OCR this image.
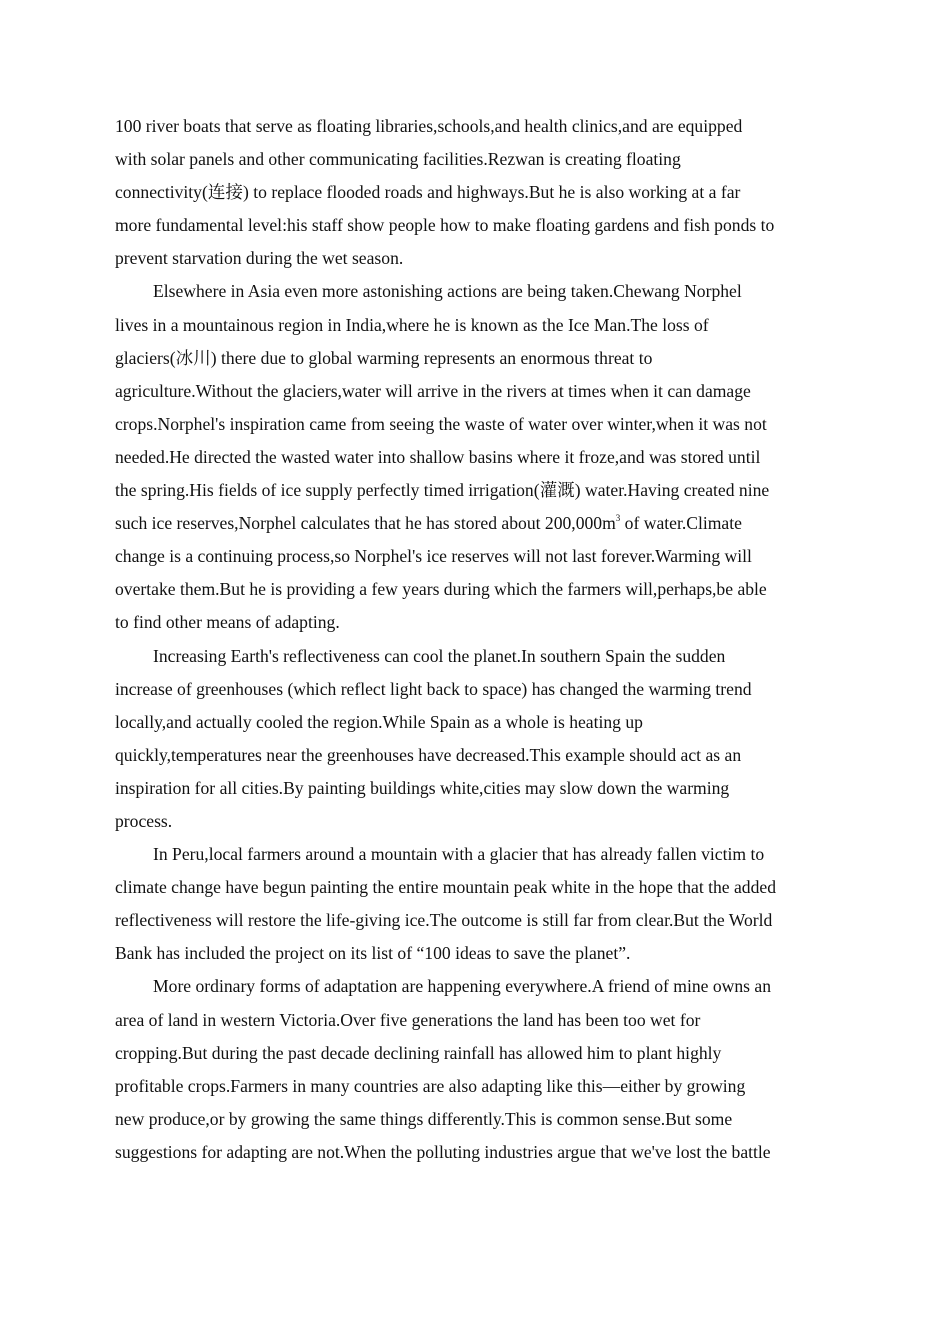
100 river boats that serve as floating libraries,schools,and health clinics,and are equipped
with solar panels and other communicating facilities.Rezwan is creating floating
connectivity(连接) to replace flooded roads and highways.But he is also working at a far
more fundamental level:his staff show people how to make floating gardens and fish ponds to
prevent starvation during the wet season.

Elsewhere in Asia even more astonishing actions are being taken.Chewang Norphel
lives in a mountainous region in India,where he is known as the Ice Man.The loss of
glaciers(冰川) there due to global warming represents an enormous threat to
agriculture.Without the glaciers,water will arrive in the rivers at times when it can damage
crops.Norphel's inspiration came from seeing the waste of water over winter,when it was not
needed.He directed the wasted water into shallow basins where it froze,and was stored until
the spring.His fields of ice supply perfectly timed irrigation(灌溉) water.Having created nine
such ice reserves,Norphel calculates that he has stored about $200,000m^3$ of water.Climate
change is a continuing process,so Norphel's ice reserves will not last forever.Warming will
overtake them.But he is providing a few years during which the farmers will,perhaps,be able
to find other means of adapting.

Increasing Earth's reflectiveness can cool the planet.In southern Spain the sudden
increase of greenhouses (which reflect light back to space) has changed the warming trend
locally,and actually cooled the region.While Spain as a whole is heating up
quickly,temperatures near the greenhouses have decreased.This example should act as an
inspiration for all cities.By painting buildings white,cities may slow down the warming
process.

In Peru,local farmers around a mountain with a glacier that has already fallen victim to
climate change have begun painting the entire mountain peak white in the hope that the added
reflectiveness will restore the life-giving ice.The outcome is still far from clear.But the World
Bank has included the project on its list of “100 ideas to save the planet”.

More ordinary forms of adaptation are happening everywhere.A friend of mine owns an
area of land in western Victoria.Over five generations the land has been too wet for
cropping.But during the past decade declining rainfall has allowed him to plant highly
profitable crops.Farmers in many countries are also adapting like this—either by growing
new produce,or by growing the same things differently.This is common sense.But some
suggestions for adapting are not.When the polluting industries argue that we've lost the battle
